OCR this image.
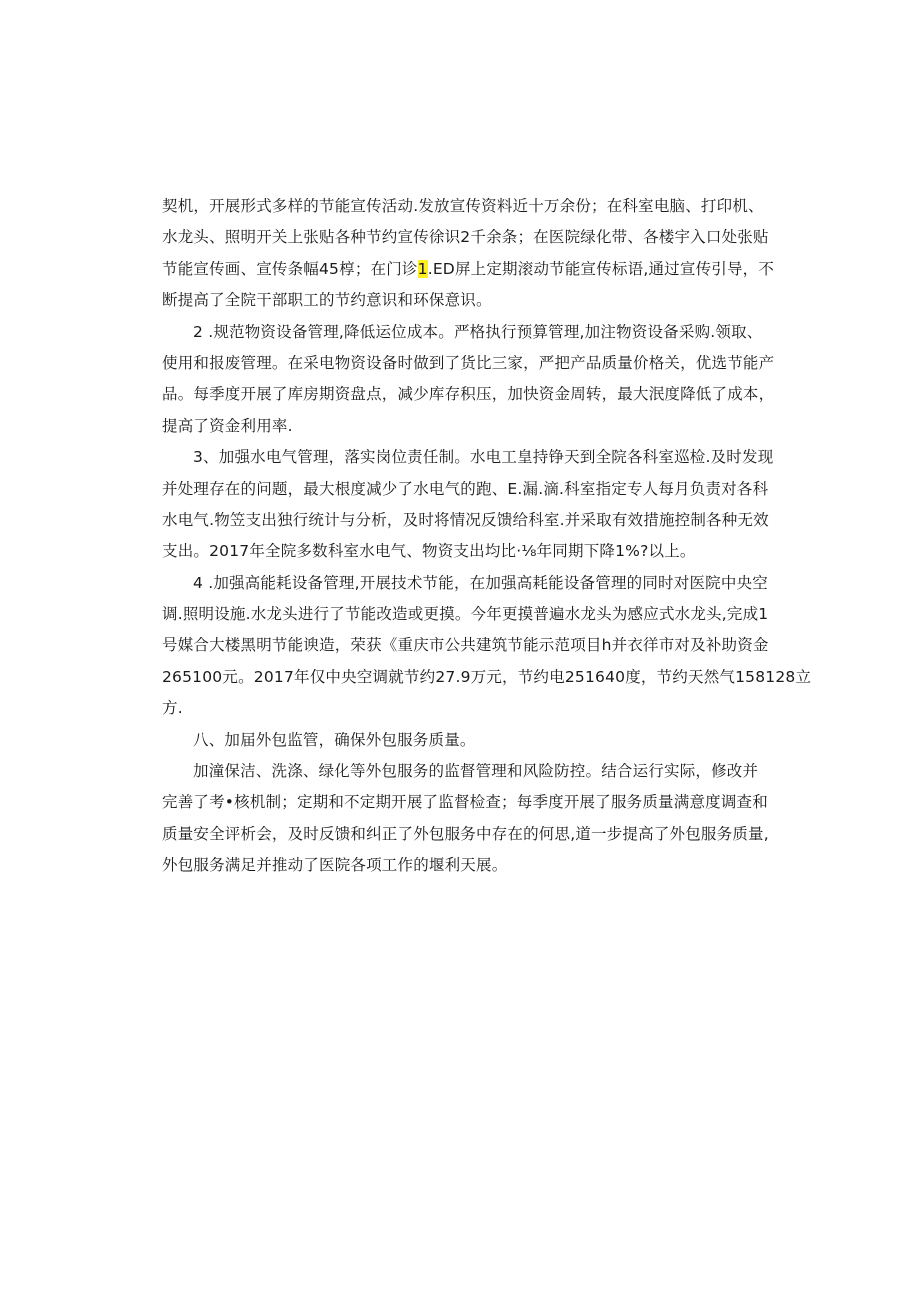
契机，开展形式多样的节能宣传活动.发放宣传资料近十万余份；在科室电脑、打印机、
水龙头、照明开关上张贴各种节约宣传徐识2千余条；在医院绿化带、各楼宇入口处张贴
节能宣传画、宣传条幅45椁；在门诊1.ED屏上定期滚动节能宣传标语,通过宣传引导，不
断提高了全院干部职工的节约意识和环保意识。
2 .规范物资设备管理,降低运位成本。严格执行预算管理,加注物资设备采购.领取、
使用和报废管理。在采电物资设备时做到了货比三家，严把产品质量价格关，优选节能产
品。每季度开展了库房期资盘点，减少库存积压，加快资金周转，最大泯度降低了成本，
提高了资金利用率.
3、加强水电气管理，落实岗位责任制。水电工皇持铮天到全院各科室巡检.及时发现
并处理存在的问题，最大根度减少了水电气的跑、E.漏.滴.科室指定专人每月负责对各科
水电气.物笠支出独行统计与分析，及时将情况反馈给科室.并采取有效措施控制各种无效
支出。2017年全院多数科室水电气、物资支出均比·⅛年同期下降1%?以上。
4 .加强高能耗设备管理,开展技术节能，在加强高耗能设备管理的同时对医院中央空
调.照明设施.水龙头进行了节能改造或更摸。今年更摸普遍水龙头为感应式水龙头,完成1
号媒合大楼黑明节能谀造，荣获《重庆市公共建筑节能示范项目h并衣徉市对及补助资金
265100元。2017年仅中央空调就节约27.9万元，节约电251640度，节约天然气158128立
方.
八、加届外包监管，确保外包服务质量。
加潼保洁、洗涤、绿化等外包服务的监督管理和风险防控。结合运行实际，修改并
完善了考•核机制；定期和不定期开展了监督检查；每季度开展了服务质量满意度调查和
质量安全评析会，及时反馈和纠正了外包服务中存在的何思,道一步提高了外包服务质量,
外包服务满足并推动了医院各项工作的堰利天展。
